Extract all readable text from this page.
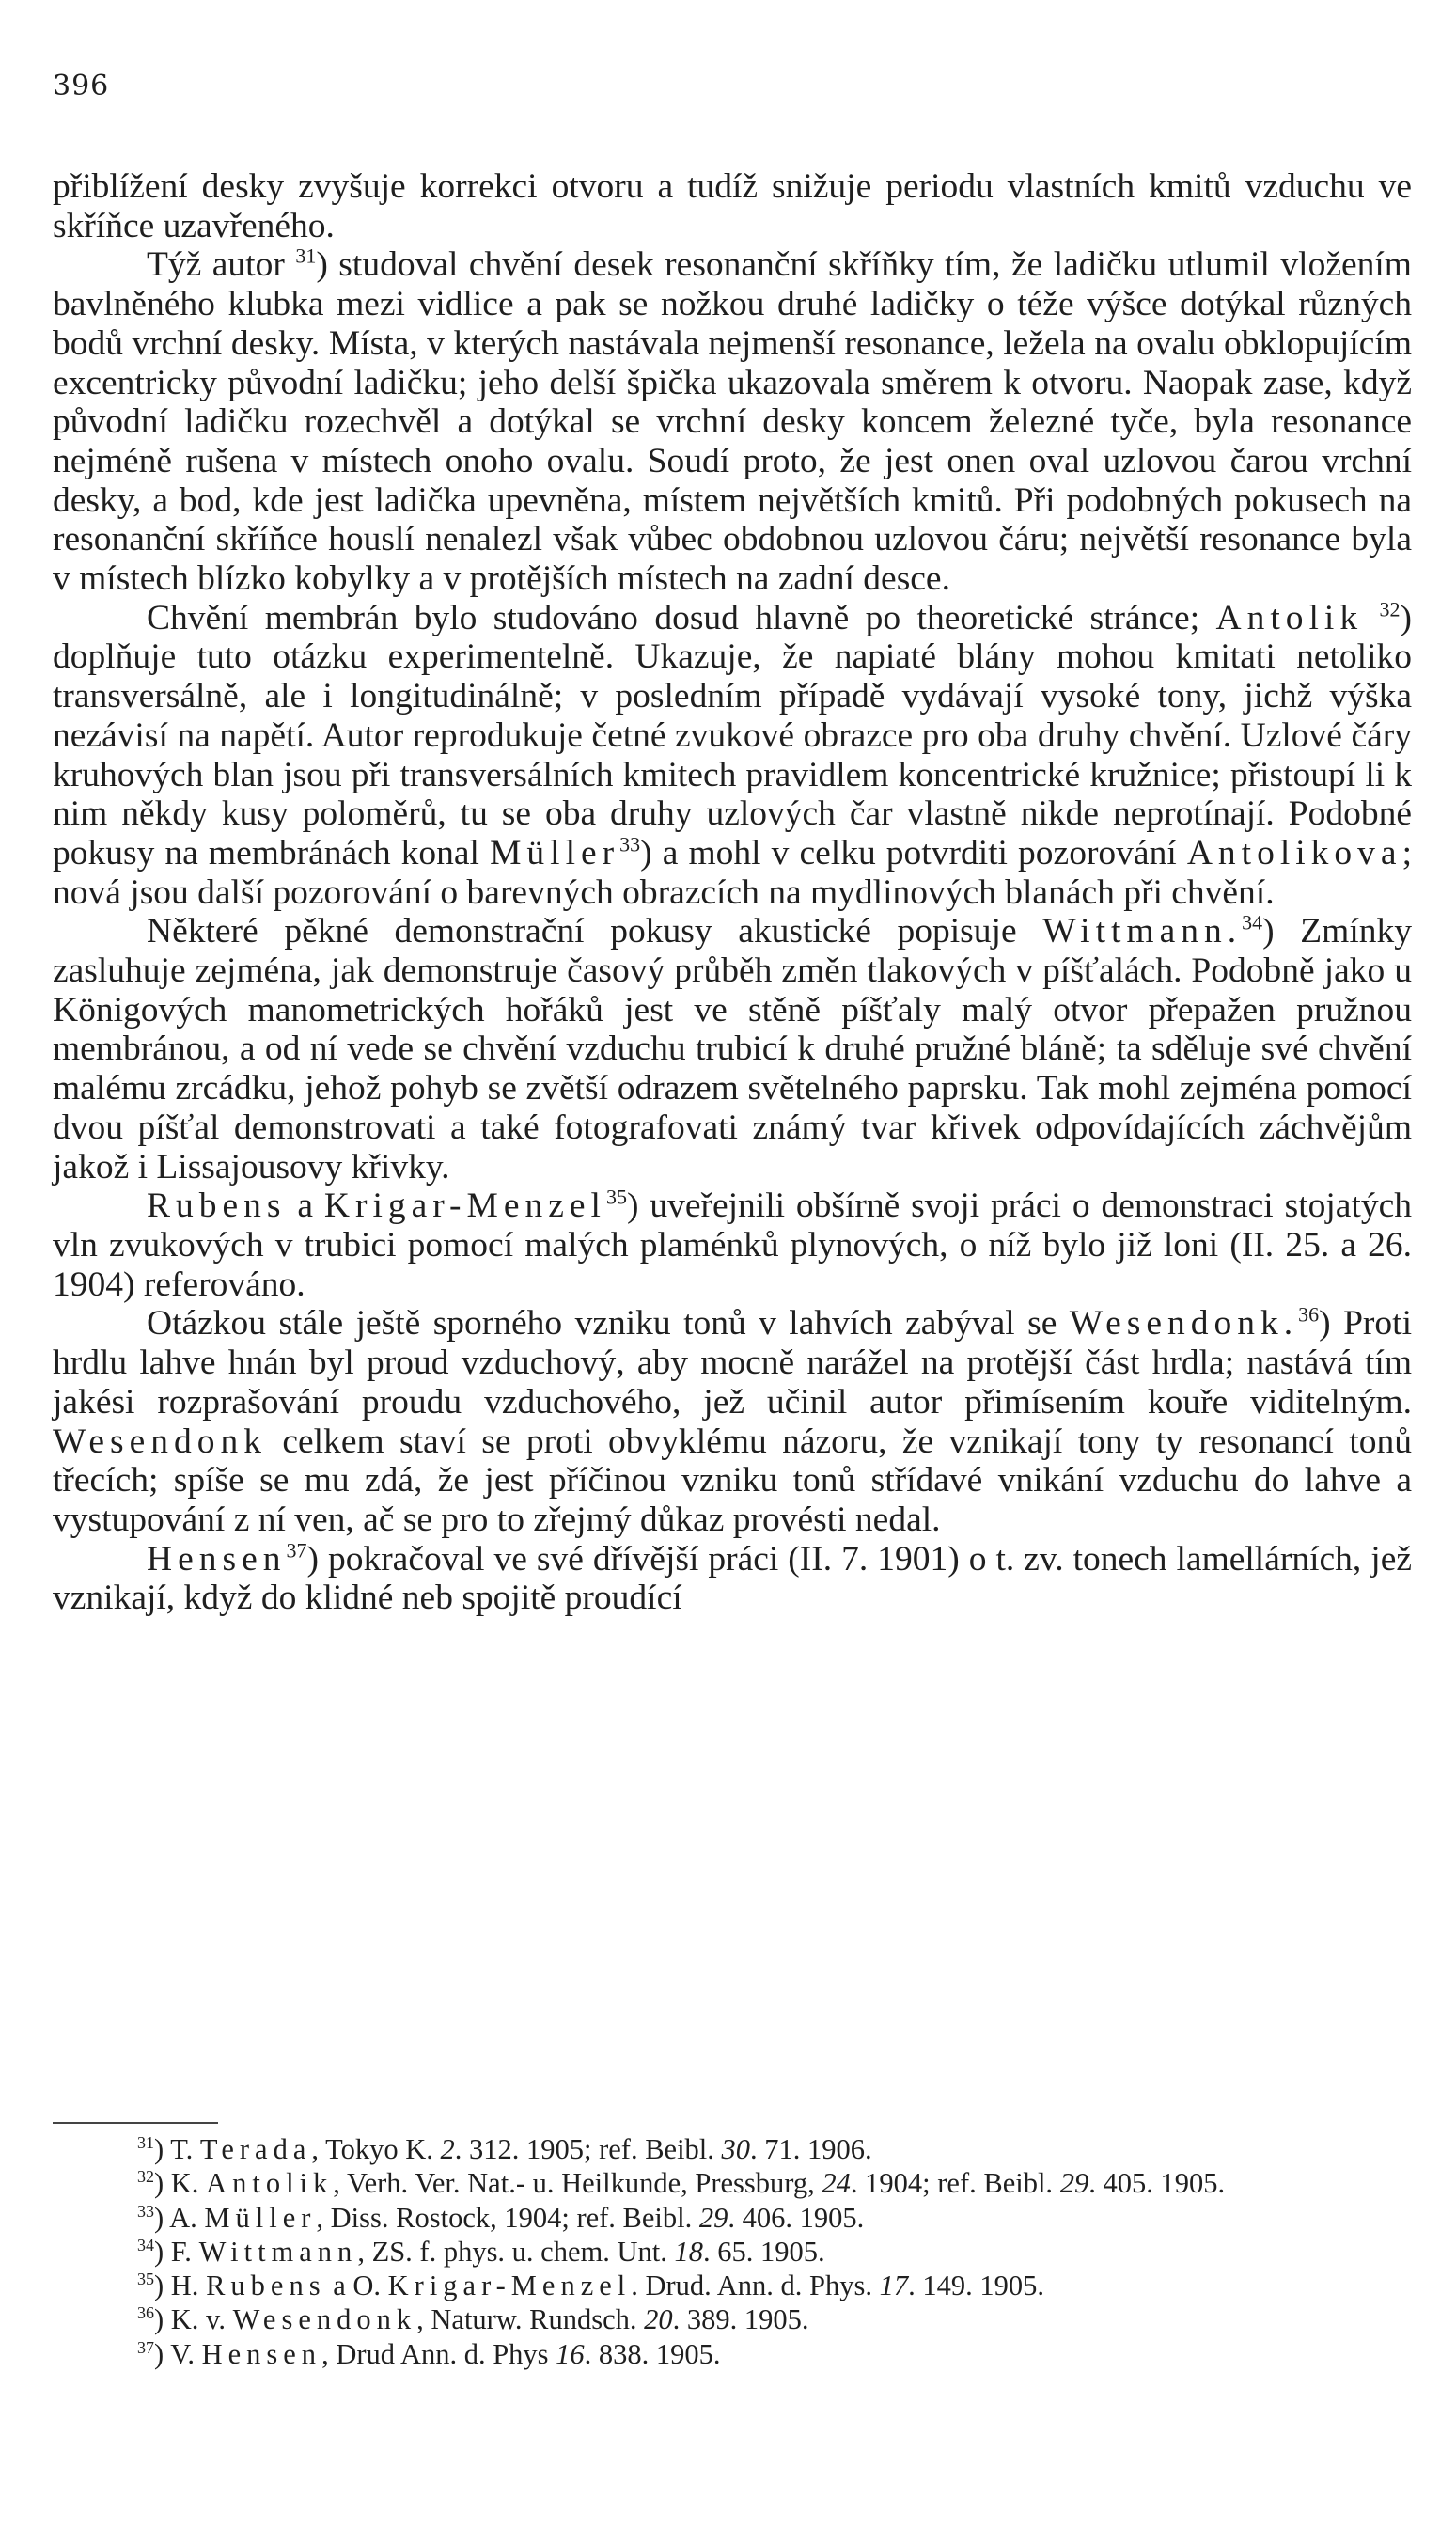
396

přiblížení desky zvyšuje korrekci otvoru a tudíž snižuje periodu vlastních kmitů vzduchu ve skříňce uzavřeného.

Týž autor $^{31}$) studoval chvění desek resonanční skříňky tím, že ladičku utlumil vložením bavlněného klubka mezi vidlice a pak se nožkou druhé ladičky o téže výšce dotýkal různých bodů vrchní desky. Místa, v kterých nastávala nejmenší resonance, ležela na ovalu obklopujícím excentricky původní ladičku; jeho delší špička ukazovala směrem k otvoru. Naopak zase, když původní ladičku rozechvěl a dotýkal se vrchní desky koncem železné tyče, byla resonance nejméně rušena v místech onoho ovalu. Soudí proto, že jest onen oval uzlovou čarou vrchní desky, a bod, kde jest ladička upevněna, místem největších kmitů. Při podobných pokusech na resonanční skříňce houslí nenalezl však vůbec obdobnou uzlovou čáru; největší resonance byla v místech blízko kobylky a v protějších místech na zadní desce.

Chvění membrán bylo studováno dosud hlavně po theoretické stránce; Antolik $^{32}$) doplňuje tuto otázku experimentelně. Ukazuje, že napiaté blány mohou kmitati netoliko transversálně, ale i longitudinálně; v posledním případě vydávají vysoké tony, jichž výška nezávisí na napětí. Autor reprodukuje četné zvukové obrazce pro oba druhy chvění. Uzlové čáry kruhových blan jsou při transversálních kmitech pravidlem koncentrické kružnice; přistoupí li k nim někdy kusy poloměrů, tu se oba druhy uzlových čar vlastně nikde neprotínají. Podobné pokusy na membránách konal Müller$^{33}$) a mohl v celku potvrditi pozorování Antolikova; nová jsou další pozorování o barevných obrazcích na mydlinových blanách při chvění.

Některé pěkné demonstrační pokusy akustické popisuje Wittmann.$^{34}$) Zmínky zasluhuje zejména, jak demonstruje časový průběh změn tlakových v píšťalách. Podobně jako u Königových manometrických hořáků jest ve stěně píšťaly malý otvor přepažen pružnou membránou, a od ní vede se chvění vzduchu trubicí k druhé pružné bláně; ta sděluje své chvění malému zrcádku, jehož pohyb se zvětší odrazem světelného paprsku. Tak mohl zejména pomocí dvou píšťal demonstrovati a také fotografovati známý tvar křivek odpovídajících záchvějům jakož i Lissajousovy křivky.

Rubens a Krigar-Menzel$^{35}$) uveřejnili obšírně svoji práci o demonstraci stojatých vln zvukových v trubici pomocí malých plaménků plynových, o níž bylo již loni (II. 25. a 26. 1904) referováno.

Otázkou stále ještě sporného vzniku tonů v lahvích zabýval se Wesendonk.$^{36}$) Proti hrdlu lahve hnán byl proud vzduchový, aby mocně narážel na protější část hrdla; nastává tím jakési rozprašování proudu vzduchového, jež učinil autor přimísením kouře viditelným. Wesendonk celkem staví se proti obvyklému názoru, že vznikají tony ty resonancí tonů třecích; spíše se mu zdá, že jest příčinou vzniku tonů střídavé vnikání vzduchu do lahve a vystupování z ní ven, ač se pro to zřejmý důkaz provésti nedal.

Hensen$^{37}$) pokračoval ve své dřívější práci (II. 7. 1901) o t. zv. tonech lamellárních, jež vznikají, když do klidné neb spojitě proudící

$^{31}$) T. Terada, Tokyo K. 2. 312. 1905; ref. Beibl. 30. 71. 1906.

$^{32}$) K. Antolik, Verh. Ver. Nat.- u. Heilkunde, Pressburg, 24. 1904; ref. Beibl. 29. 405. 1905.

$^{33}$) A. Müller, Diss. Rostock, 1904; ref. Beibl. 29. 406. 1905.

$^{34}$) F. Wittmann, ZS. f. phys. u. chem. Unt. 18. 65. 1905.

$^{35}$) H. Rubens a O. Krigar-Menzel. Drud. Ann. d. Phys. 17. 149. 1905.

$^{36}$) K. v. Wesendonk, Naturw. Rundsch. 20. 389. 1905.

$^{37}$) V. Hensen, Drud Ann. d. Phys 16. 838. 1905.
